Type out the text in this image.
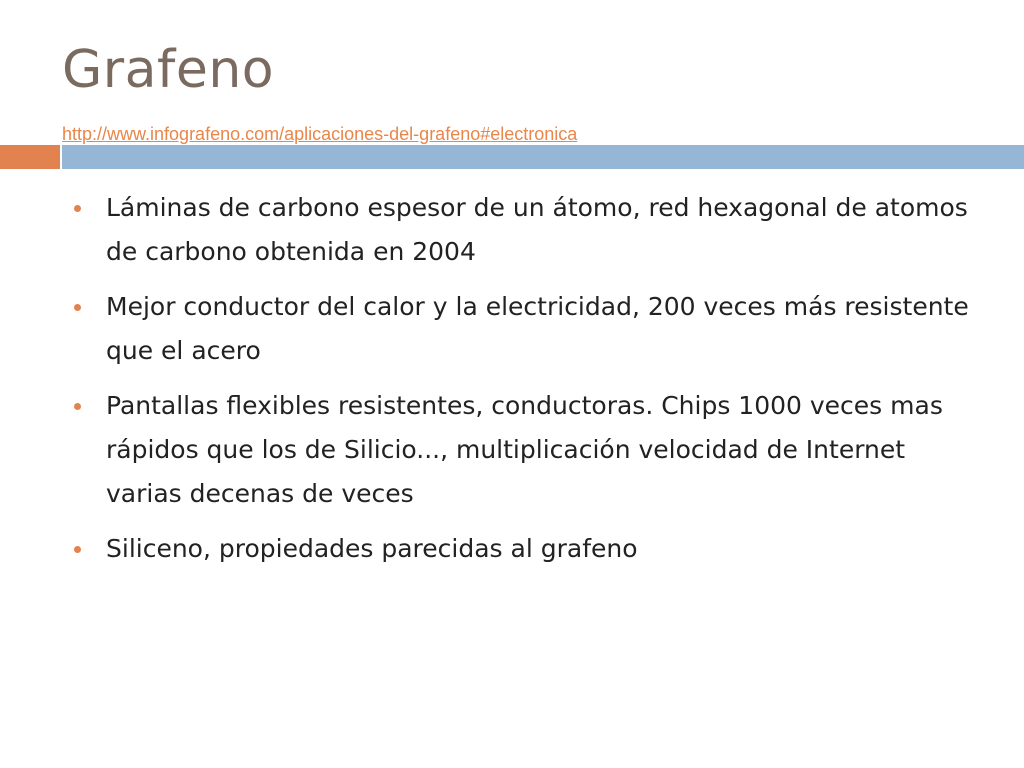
Grafeno
http://www.infografeno.com/aplicaciones-del-grafeno#electronica
Láminas de carbono espesor de un átomo, red hexagonal de atomos de carbono obtenida en 2004
Mejor conductor del calor y la electricidad, 200 veces más resistente que el acero
Pantallas flexibles resistentes, conductoras. Chips 1000 veces mas rápidos que los de Silicio..., multiplicación velocidad de Internet varias decenas de veces
Siliceno, propiedades parecidas al grafeno
